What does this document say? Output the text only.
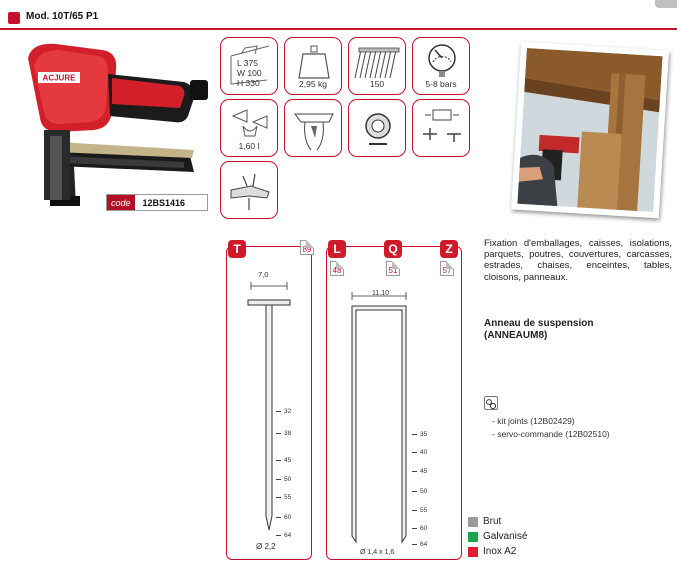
Mod. 10T/65 P1
ACJURE
code	12BS1416
L 375
W 100
H 330	2,95 kg	150	5-8 bars
1,60 l
T	89
7,0
Ø 2,2
32
38
45
50
55
60
64
L
48
Q
51
Z
57
11.10
Ø 1,4 x 1,6
35
40
45
50
55
60
64
Fixation d'emballages, caisses, isolations, parquets, poutres, couvertures, carcasses, estrades, chaises, enceintes, tables, cloisons, panneaux.
Anneau de suspension
(ANNEAUM8)
- kit joints (12B02429)
- servo-commande (12B02510)
Brut
Galvanisé
Inox A2
